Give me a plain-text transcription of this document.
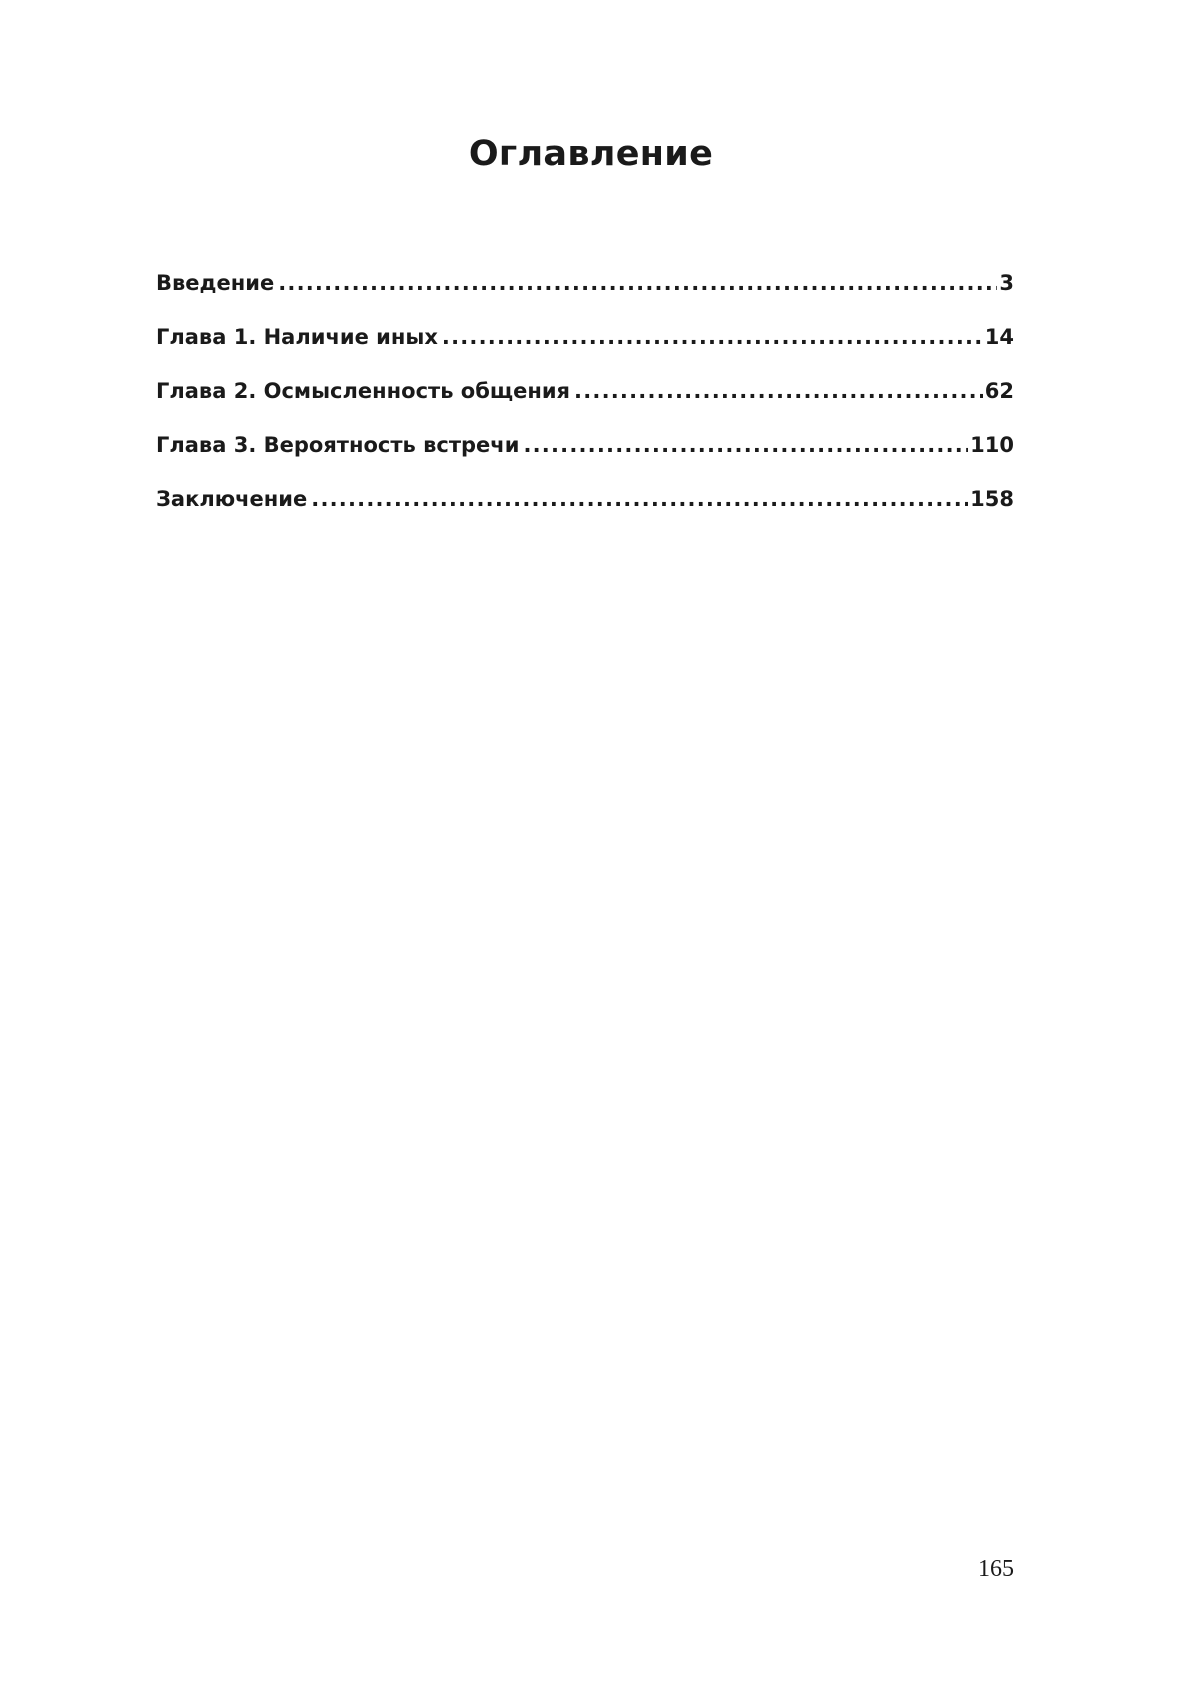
Оглавление
Введение .....	3
Глава 1. Наличие иных .....	14
Глава 2. Осмысленность общения .....	62
Глава 3. Вероятность встречи .....	110
Заключение .....	158
165
